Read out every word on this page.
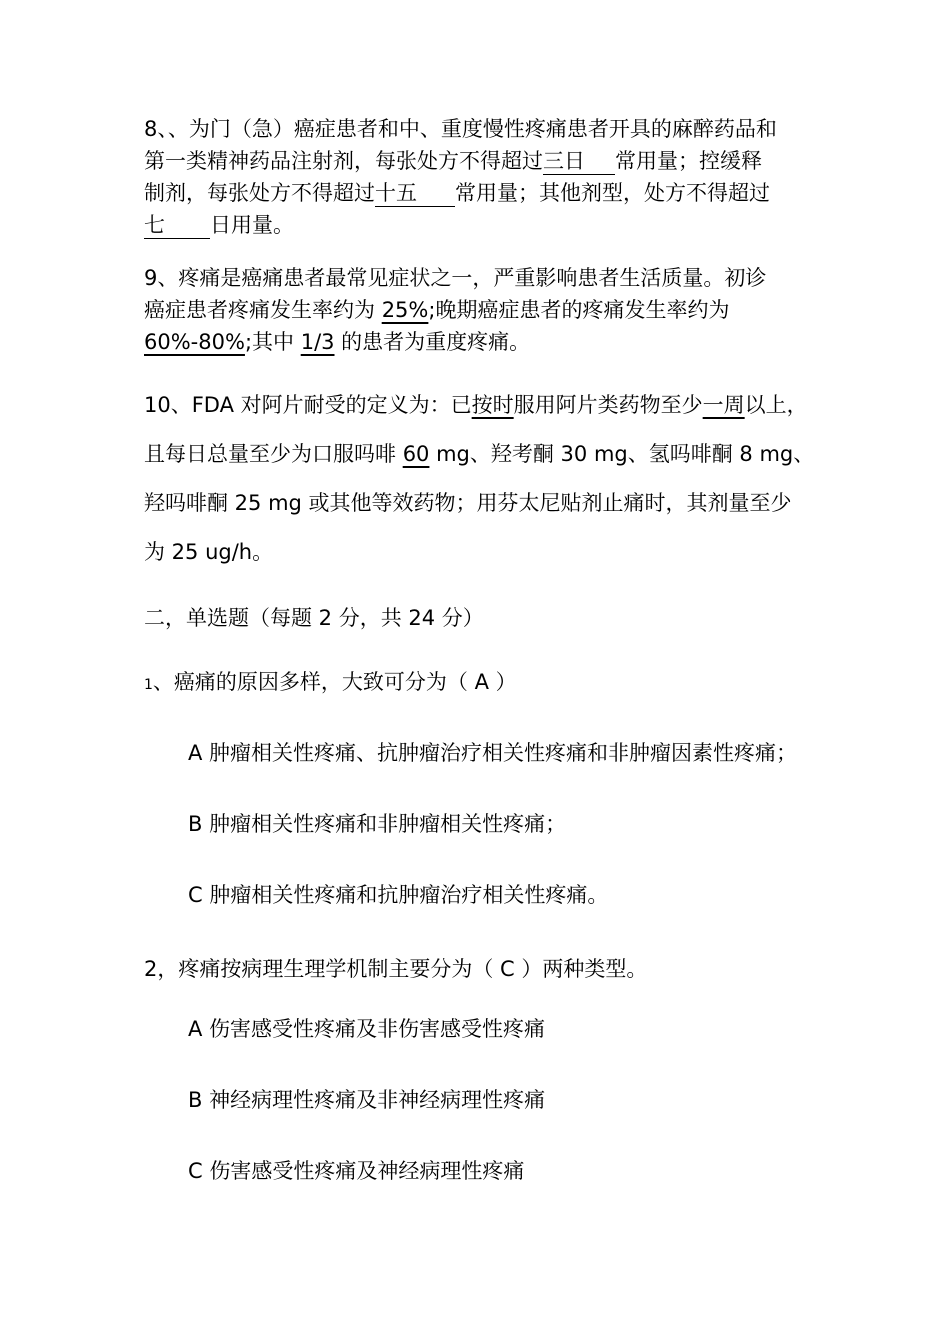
8、、为门（急）癌症患者和中、重度慢性疼痛患者开具的麻醉药品和
第一类精神药品注射剂，每张处方不得超过三日常用量；控缓释
制剂，每张处方不得超过十五常用量；其他剂型，处方不得超过
七 日用量。
9、疼痛是癌痛患者最常见症状之一，严重影响患者生活质量。初诊
癌症患者疼痛发生率约为 25%;晚期癌症患者的疼痛发生率约为
60%-80%;其中 1/3 的患者为重度疼痛。
10、FDA 对阿片耐受的定义为：已按时服用阿片类药物至少一周以上，
且每日总量至少为口服吗啡 60 mg、羟考酮 30 mg、氢吗啡酮 8 mg、
羟吗啡酮 25 mg 或其他等效药物；用芬太尼贴剂止痛时，其剂量至少
为 25 ug/h。
二，单选题（每题 2 分，共 24 分）
1、癌痛的原因多样，大致可分为（ A ）
A 肿瘤相关性疼痛、抗肿瘤治疗相关性疼痛和非肿瘤因素性疼痛；
B 肿瘤相关性疼痛和非肿瘤相关性疼痛；
C 肿瘤相关性疼痛和抗肿瘤治疗相关性疼痛。
2，疼痛按病理生理学机制主要分为（ C ）两种类型。
A 伤害感受性疼痛及非伤害感受性疼痛
B 神经病理性疼痛及非神经病理性疼痛
C 伤害感受性疼痛及神经病理性疼痛
